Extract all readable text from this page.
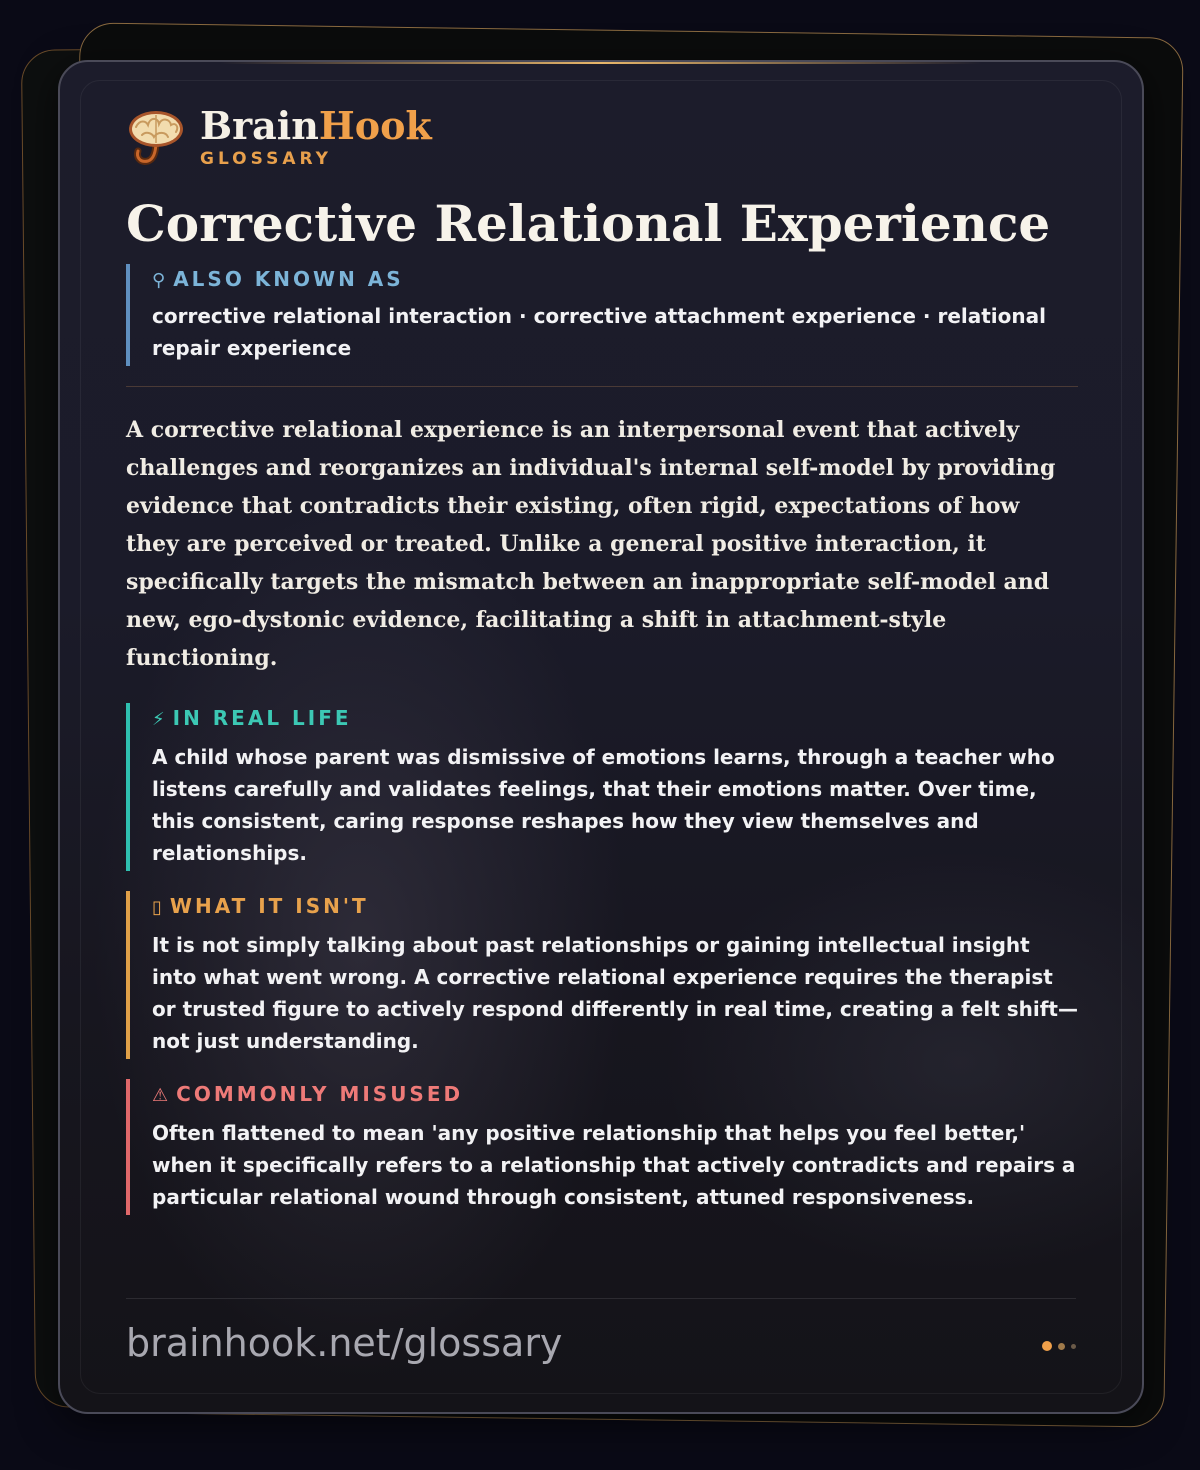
BrainHook
GLOSSARY
Corrective Relational Experience
⚲ ALSO KNOWN AS
corrective relational interaction · corrective attachment experience · relational repair experience
A corrective relational experience is an interpersonal event that actively challenges and reorganizes an individual's internal self-model by providing evidence that contradicts their existing, often rigid, expectations of how they are perceived or treated. Unlike a general positive interaction, it specifically targets the mismatch between an inappropriate self-model and new, ego-dystonic evidence, facilitating a shift in attachment-style functioning.
⚡ IN REAL LIFE
A child whose parent was dismissive of emotions learns, through a teacher who listens carefully and validates feelings, that their emotions matter. Over time, this consistent, caring response reshapes how they view themselves and relationships.
▯ WHAT IT ISN'T
It is not simply talking about past relationships or gaining intellectual insight into what went wrong. A corrective relational experience requires the therapist or trusted figure to actively respond differently in real time, creating a felt shift—not just understanding.
⚠ COMMONLY MISUSED
Often flattened to mean 'any positive relationship that helps you feel better,' when it specifically refers to a relationship that actively contradicts and repairs a particular relational wound through consistent, attuned responsiveness.
brainhook.net/glossary
